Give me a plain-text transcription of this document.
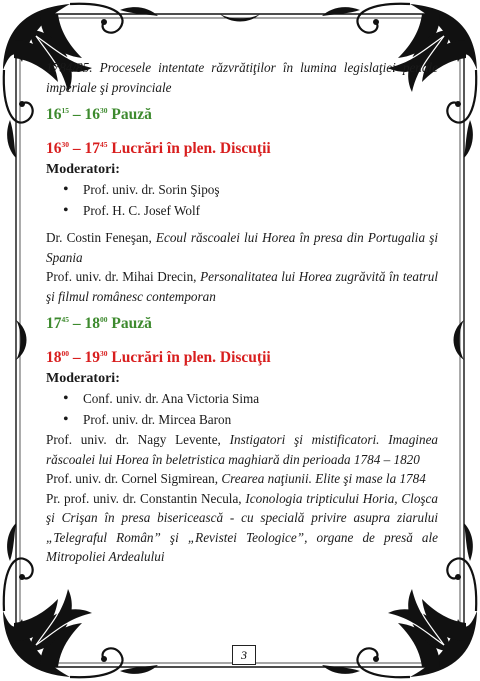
1784/85. Procesele intentate răzvrătiţilor în lumina legislaţiei penale imperiale şi provinciale

$16^{15} - 16^{30}$ Pauză

$16^{30} - 17^{45}$ Lucrări în plen. Discuţii

Moderatori:

• Prof. univ. dr. Sorin Şipoş
• Prof. H. C. Josef Wolf

Dr. Costin Feneşan, Ecoul răscoalei lui Horea în presa din Portugalia şi Spania

Prof. univ. dr. Mihai Drecin, Personalitatea lui Horea zugrăvită în teatrul şi filmul românesc contemporan

$17^{45} - 18^{00}$ Pauză

$18^{00} - 19^{30}$ Lucrări în plen. Discuţii

Moderatori:

• Conf. univ. dr. Ana Victoria Sima
• Prof. univ. dr. Mircea Baron

Prof. univ. dr. Nagy Levente, Instigatori şi mistificatori. Imaginea răscoalei lui Horea în beletristica maghiară din perioada 1784 – 1820

Prof. univ. dr. Cornel Sigmirean, Crearea naţiunii. Elite şi mase la 1784

Pr. prof. univ. dr. Constantin Necula, Iconologia tripticului Horia, Cloşca şi Crişan în presa bisericească - cu specială privire asupra ziarului „Telegraful Român” şi „Revistei Teologice”, organe de presă ale Mitropoliei Ardealului

3
